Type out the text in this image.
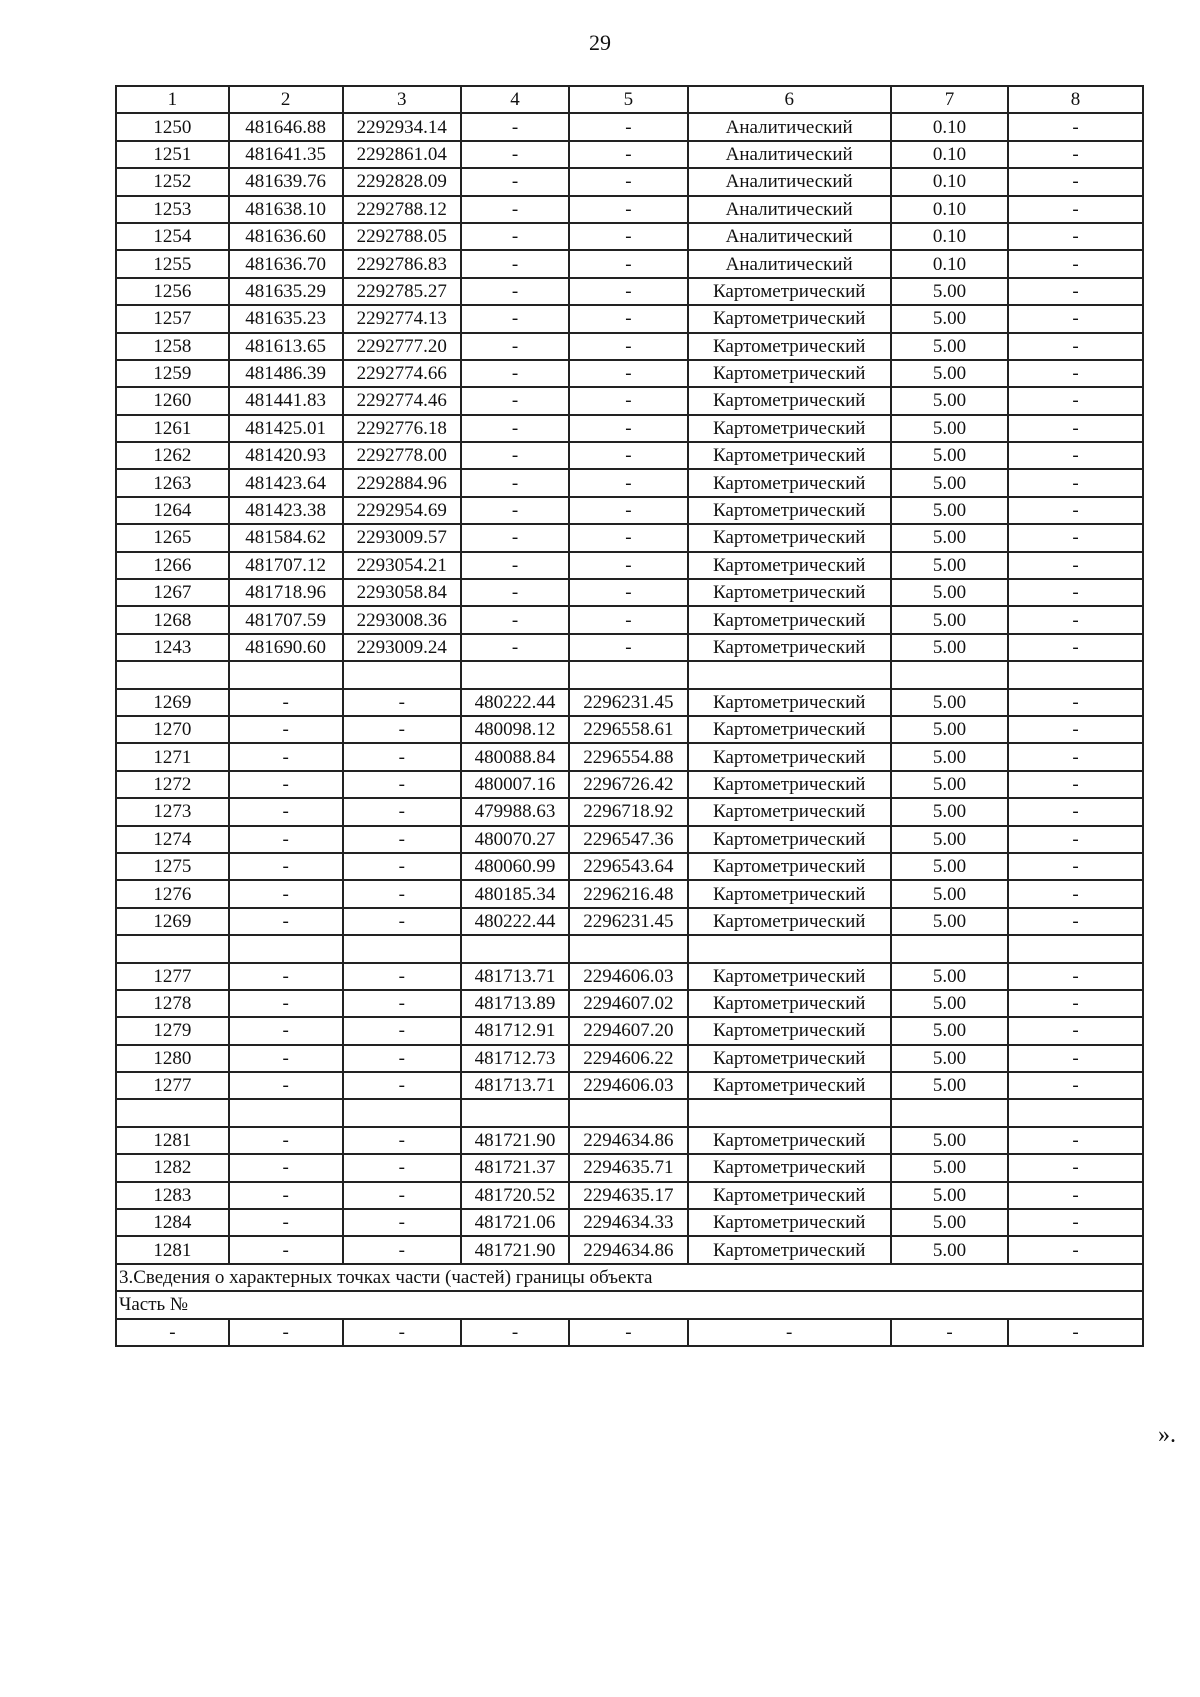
29
1	2	3	4	5	6	7	8
1250	481646.88	2292934.14	-	-	Аналитический	0.10	-
1251	481641.35	2292861.04	-	-	Аналитический	0.10	-
1252	481639.76	2292828.09	-	-	Аналитический	0.10	-
1253	481638.10	2292788.12	-	-	Аналитический	0.10	-
1254	481636.60	2292788.05	-	-	Аналитический	0.10	-
1255	481636.70	2292786.83	-	-	Аналитический	0.10	-
1256	481635.29	2292785.27	-	-	Картометрический	5.00	-
1257	481635.23	2292774.13	-	-	Картометрический	5.00	-
1258	481613.65	2292777.20	-	-	Картометрический	5.00	-
1259	481486.39	2292774.66	-	-	Картометрический	5.00	-
1260	481441.83	2292774.46	-	-	Картометрический	5.00	-
1261	481425.01	2292776.18	-	-	Картометрический	5.00	-
1262	481420.93	2292778.00	-	-	Картометрический	5.00	-
1263	481423.64	2292884.96	-	-	Картометрический	5.00	-
1264	481423.38	2292954.69	-	-	Картометрический	5.00	-
1265	481584.62	2293009.57	-	-	Картометрический	5.00	-
1266	481707.12	2293054.21	-	-	Картометрический	5.00	-
1267	481718.96	2293058.84	-	-	Картометрический	5.00	-
1268	481707.59	2293008.36	-	-	Картометрический	5.00	-
1243	481690.60	2293009.24	-	-	Картометрический	5.00	-

1269	-	-	480222.44	2296231.45	Картометрический	5.00	-
1270	-	-	480098.12	2296558.61	Картометрический	5.00	-
1271	-	-	480088.84	2296554.88	Картометрический	5.00	-
1272	-	-	480007.16	2296726.42	Картометрический	5.00	-
1273	-	-	479988.63	2296718.92	Картометрический	5.00	-
1274	-	-	480070.27	2296547.36	Картометрический	5.00	-
1275	-	-	480060.99	2296543.64	Картометрический	5.00	-
1276	-	-	480185.34	2296216.48	Картометрический	5.00	-
1269	-	-	480222.44	2296231.45	Картометрический	5.00	-

1277	-	-	481713.71	2294606.03	Картометрический	5.00	-
1278	-	-	481713.89	2294607.02	Картометрический	5.00	-
1279	-	-	481712.91	2294607.20	Картометрический	5.00	-
1280	-	-	481712.73	2294606.22	Картометрический	5.00	-
1277	-	-	481713.71	2294606.03	Картометрический	5.00	-

1281	-	-	481721.90	2294634.86	Картометрический	5.00	-
1282	-	-	481721.37	2294635.71	Картометрический	5.00	-
1283	-	-	481720.52	2294635.17	Картометрический	5.00	-
1284	-	-	481721.06	2294634.33	Картометрический	5.00	-
1281	-	-	481721.90	2294634.86	Картометрический	5.00	-
3.Сведения о характерных точках части (частей) границы объекта							
Часть №							
-	-	-	-	-	-	-	-
».
